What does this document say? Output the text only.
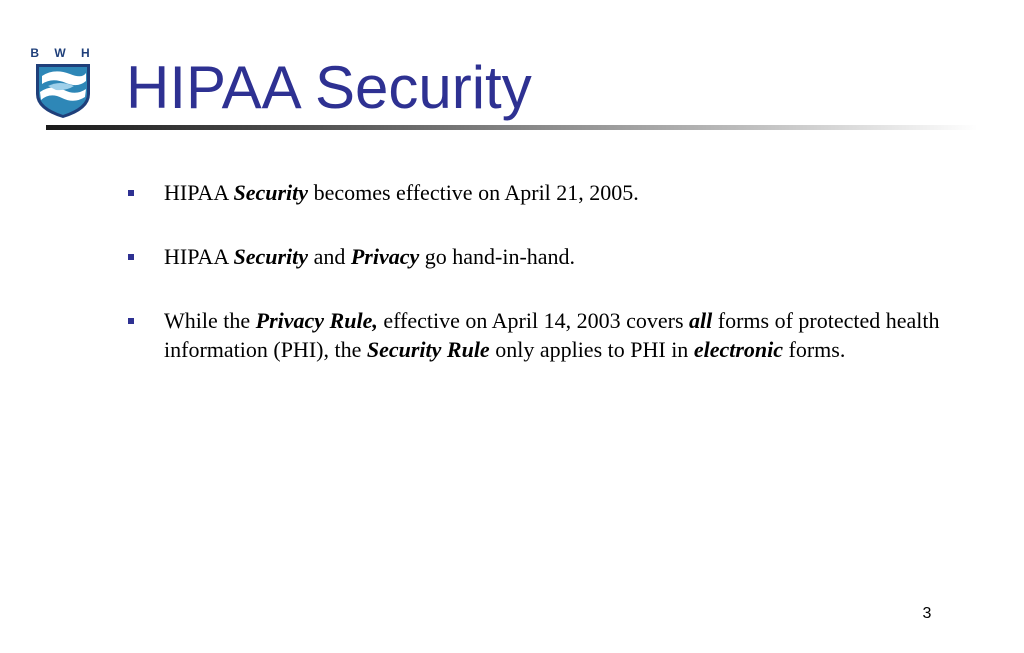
B W H
HIPAA Security
HIPAA Security becomes effective on April 21, 2005.
HIPAA Security and Privacy go hand-in-hand.
While the Privacy Rule, effective on April 14, 2003 covers all forms of protected health information (PHI), the Security Rule only applies to PHI in electronic forms.
3
